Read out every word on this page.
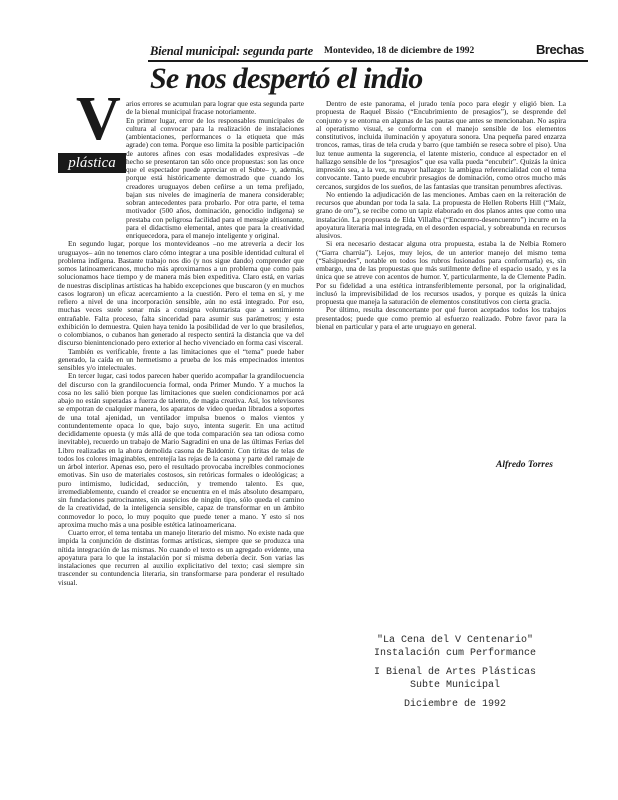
Bienal municipal: segunda parte Montevideo, 18 de diciembre de 1992	Brechas
Se nos despertó el indio
V
plástica

arios errores se acumulan para lograr que esta segunda parte de la bienal municipal fracase notoriamente.

En primer lugar, error de los responsables municipales de cultura al convocar para la realización de instalaciones (ambientaciones, performances o la etiqueta que más agrade) con tema. Porque eso limita la posible participación de autores afines con esas modalidades expresivas –de hecho se presentaron tan sólo once propuestas: son las once que el espectador puede apreciar en el Subte– y, además, porque está históricamente demostrado que cuando los creadores uruguayos deben ceñirse a un tema prefijado, bajan sus niveles de imaginería de manera considerable; sobran antecedentes para probarlo. Por otra parte, el tema motivador (500 años, dominación, genocidio indígena) se prestaba con peligrosa facilidad para el mensaje altisonante, para el didactismo elemental, antes que para la creatividad enriquecedora, para el manejo inteligente y original.

En segundo lugar, porque los montevideanos –no me atrevería a decir los uruguayos– aún no tenemos claro cómo integrar a una posible identidad cultural el problema indígena. Bastante trabajo nos dio (y nos sigue dando) comprender que somos latinoamericanos, mucho más aproximarnos a un problema que como país solucionamos hace tiempo y de manera más bien expeditiva. Claro está, en varias de nuestras disciplinas artísticas ha habido excepciones que buscaron (y en muchos casos lograron) un eficaz acercamiento a la cuestión. Pero el tema en sí, y me refiero a nivel de una incorporación sensible, aún no está integrado. Por eso, muchas veces suele sonar más a consigna voluntarista que a sentimiento entrañable. Falta proceso, falta sinceridad para asumir sus parámetros; y esta exhibición lo demuestra. Quien haya tenido la posibilidad de ver lo que brasileños, o colombianos, o cubanos han generado al respecto sentirá la distancia que va del discurso bienintencionado pero exterior al hecho vivenciado en forma casi visceral.

También es verificable, frente a las limitaciones que el “tema” puede haber generado, la caída en un hermetismo a prueba de los más empecinados intentos sensibles y/o intelectuales.

En tercer lugar, casi todos parecen haber querido acompañar la grandilocuencia del discurso con la grandilocuencia formal, onda Primer Mundo. Y a muchos la cosa no les salió bien porque las limitaciones que suelen condicionarnos por acá abajo no están superadas a fuerza de talento, de magia creativa. Así, los televisores se empotran de cualquier manera, los aparatos de video quedan librados a soportes de una total ajenidad, un ventilador impulsa buenos o malos vientos y contundentemente opaca lo que, bajo suyo, intenta sugerir. En una actitud decididamente opuesta (y más allá de que toda comparación sea tan odiosa como inevitable), recuerdo un trabajo de Mario Sagradini en una de las últimas Ferias del Libro realizadas en la ahora demolida casona de Baldomir. Con tiritas de telas de todos los colores imaginables, entretejía las rejas de la casona y parte del ramaje de un árbol interior. Apenas eso, pero el resultado provocaba increíbles conmociones emotivas. Sin uso de materiales costosos, sin retóricas formales o ideológicas; a puro intimismo, ludicidad, seducción, y tremendo talento. Es que, irremediablemente, cuando el creador se encuentra en el más absoluto desamparo, sin fundaciones patrocinantes, sin auspicios de ningún tipo, sólo queda el camino de la creatividad, de la inteligencia sensible, capaz de transformar en un ámbito conmovedor lo poco, lo muy poquito que puede tener a mano. Y esto sí nos aproxima mucho más a una posible estética latinoamericana.

Cuarto error, el tema tentaba un manejo literario del mismo. No existe nada que impida la conjunción de distintas formas artísticas, siempre que se produzca una nítida integración de las mismas. No cuando el texto es un agregado evidente, una apoyatura para lo que la instalación por sí misma debería decir. Son varias las instalaciones que recurren al auxilio explicitativo del texto; casi siempre sin trascender su contundencia literaria, sin transformarse para ponderar el resultado visual.

Dentro de este panorama, el jurado tenía poco para elegir y eligió bien. La propuesta de Raquel Bissio (“Encubrimiento de presagios”), se desprende del conjunto y se entorna en algunas de las pautas que antes se mencionaban. No aspira al operatismo visual, se conforma con el manejo sensible de los elementos constitutivos, incluida iluminación y apoyatura sonora. Una pequeña pared enzarza troncos, ramas, tiras de tela cruda y barro (que también se reseca sobre el piso). Una luz tenue aumenta la sugerencia, el latente misterio, conduce al espectador en el hallazgo sensible de los “presagios” que esa valla pueda “encubrir”. Quizás la única impresión sea, a la vez, su mayor hallazgo: la ambigua referencialidad con el tema convocante. Tanto puede encubrir presagios de dominación, como otros mucho más cercanos, surgidos de los sueños, de las fantasías que transitan penumbres afectivas.

No entiendo la adjudicación de las menciones. Ambas caen en la reiteración de recursos que abundan por toda la sala. La propuesta de Hellen Roberts Hill (“Maíz, grano de oro”), se recibe como un tapiz elaborado en dos planos antes que como una instalación. La propuesta de Elda Villalba (“Encuentro-desencuentro”) incurre en la apoyatura literaria mal integrada, en el desorden espacial, y sobreabunda en recursos alusivos.

Si era necesario destacar alguna otra propuesta, estaba la de Nelbia Romero (“Garra charrúa”). Lejos, muy lejos, de un anterior manejo del mismo tema (“Salsipuedes”, notable en todos los rubros fusionados para conformarla) es, sin embargo, una de las propuestas que más sutilmente define el espacio usado, y es la única que se atreve con acentos de humor. Y, particularmente, la de Clemente Padín. Por su fidelidad a una estética intransferiblemente personal, por la originalidad, inclusó la imprevisibilidad de los recursos usados, y porque es quizás la única propuesta que maneja la saturación de elementos constitutivos con cierta gracia.

Por último, resulta desconcertante por qué fueron aceptados todos los trabajos presentados; puede que como premio al esfuerzo realizado. Pobre favor para la bienal en particular y para el arte uruguayo en general.

Alfredo Torres
"La Cena del V Centenario"
Instalación cum Performance
I Bienal de Artes Plásticas
Subte Municipal
Diciembre de 1992
